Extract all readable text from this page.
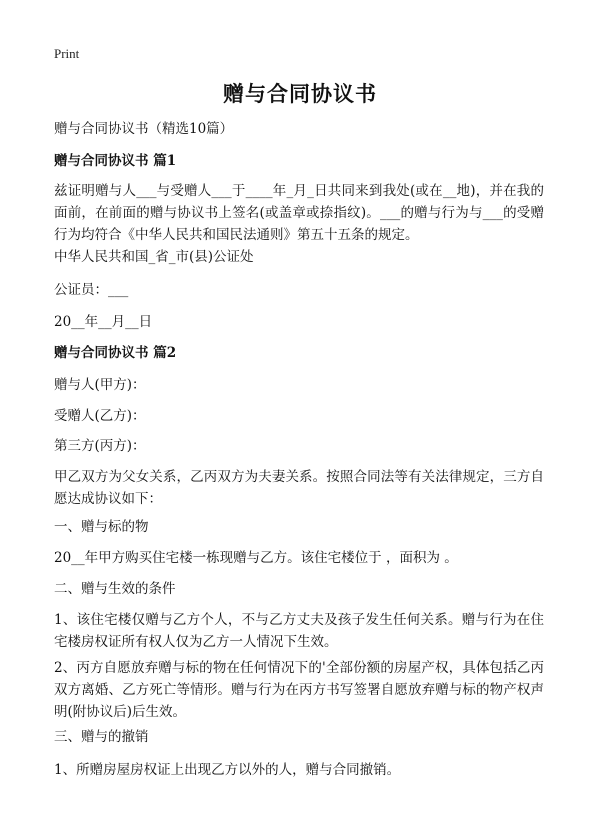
Print
赠与合同协议书
赠与合同协议书（精选10篇）
赠与合同协议书 篇1
兹证明赠与人___与受赠人___于____年_月_日共同来到我处(或在__地)，并在我的面前，在前面的赠与协议书上签名(或盖章或捺指纹)。___的赠与行为与___的受赠行为均符合《中华人民共和国民法通则》第五十五条的规定。
中华人民共和国_省_市(县)公证处
公证员：___
20__年__月__日
赠与合同协议书 篇2
赠与人(甲方)：
受赠人(乙方)：
第三方(丙方)：
甲乙双方为父女关系，乙丙双方为夫妻关系。按照合同法等有关法律规定，三方自愿达成协议如下：
一、赠与标的物
20__年甲方购买住宅楼一栋现赠与乙方。该住宅楼位于 ，面积为 。
二、赠与生效的条件
1、该住宅楼仅赠与乙方个人，不与乙方丈夫及孩子发生任何关系。赠与行为在住宅楼房权证所有权人仅为乙方一人情况下生效。
2、丙方自愿放弃赠与标的物在任何情况下的'全部份额的房屋产权，具体包括乙丙双方离婚、乙方死亡等情形。赠与行为在丙方书写签署自愿放弃赠与标的物产权声明(附协议后)后生效。
三、赠与的撤销
1、所赠房屋房权证上出现乙方以外的人，赠与合同撤销。
